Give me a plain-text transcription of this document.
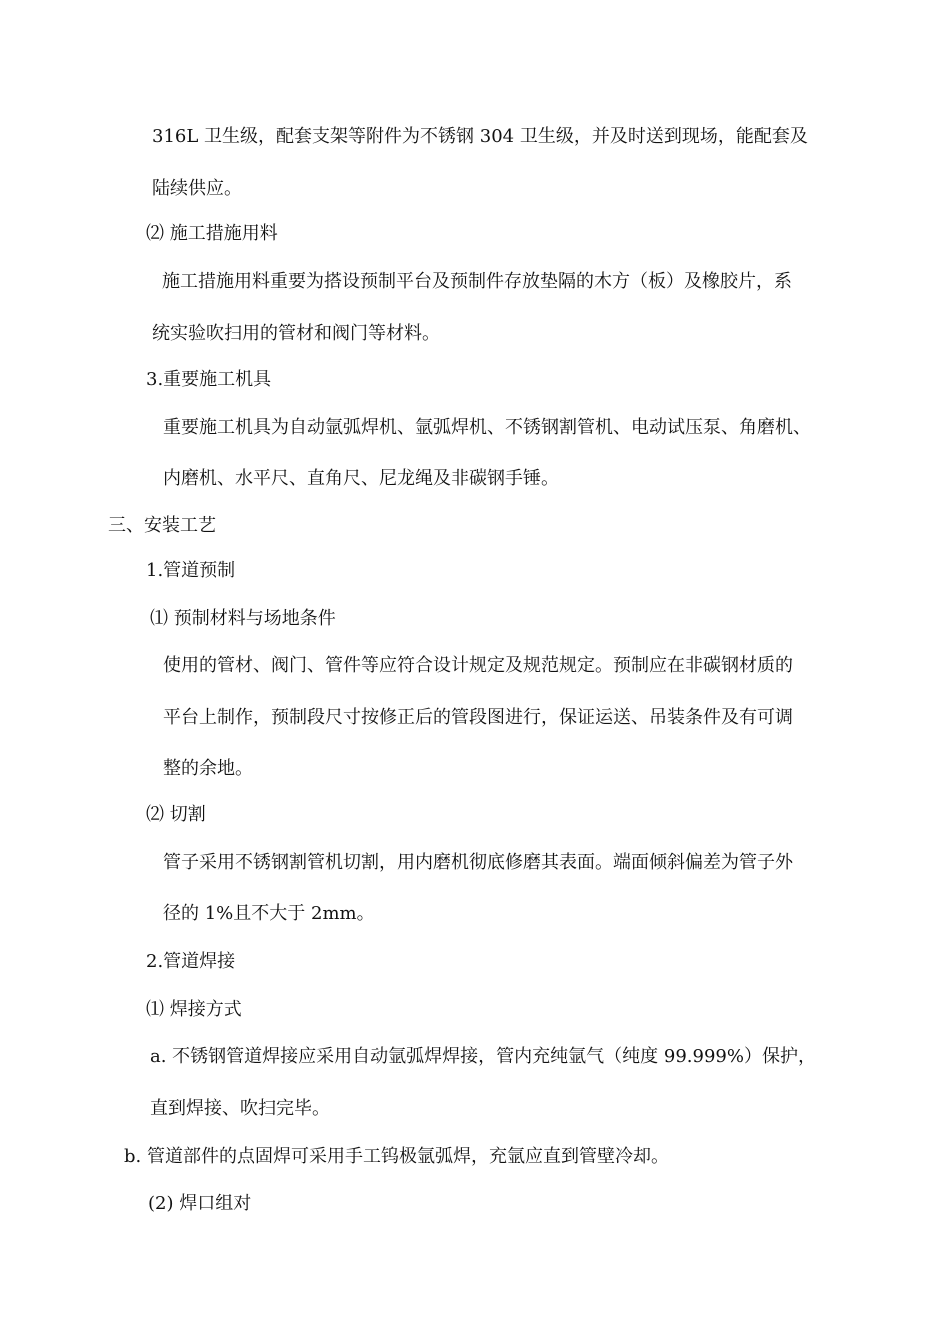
316L 卫生级，配套支架等附件为不锈钢 304 卫生级，并及时送到现场，能配套及
陆续供应。
⑵ 施工措施用料
施工措施用料重要为搭设预制平台及预制件存放垫隔的木方（板）及橡胶片，系
统实验吹扫用的管材和阀门等材料。
3.重要施工机具
重要施工机具为自动氩弧焊机、氩弧焊机、不锈钢割管机、电动试压泵、角磨机、
内磨机、水平尺、直角尺、尼龙绳及非碳钢手锤。
三、安装工艺
1.管道预制
⑴ 预制材料与场地条件
使用的管材、阀门、管件等应符合设计规定及规范规定。预制应在非碳钢材质的
平台上制作，预制段尺寸按修正后的管段图进行，保证运送、吊装条件及有可调
整的余地。
⑵ 切割
管子采用不锈钢割管机切割，用内磨机彻底修磨其表面。端面倾斜偏差为管子外
径的 1%且不大于 2mm。
2.管道焊接
⑴ 焊接方式
a. 不锈钢管道焊接应采用自动氩弧焊焊接，管内充纯氩气（纯度 99.999%）保护，
直到焊接、吹扫完毕。
b. 管道部件的点固焊可采用手工钨极氩弧焊，充氩应直到管壁冷却。
(2) 焊口组对
